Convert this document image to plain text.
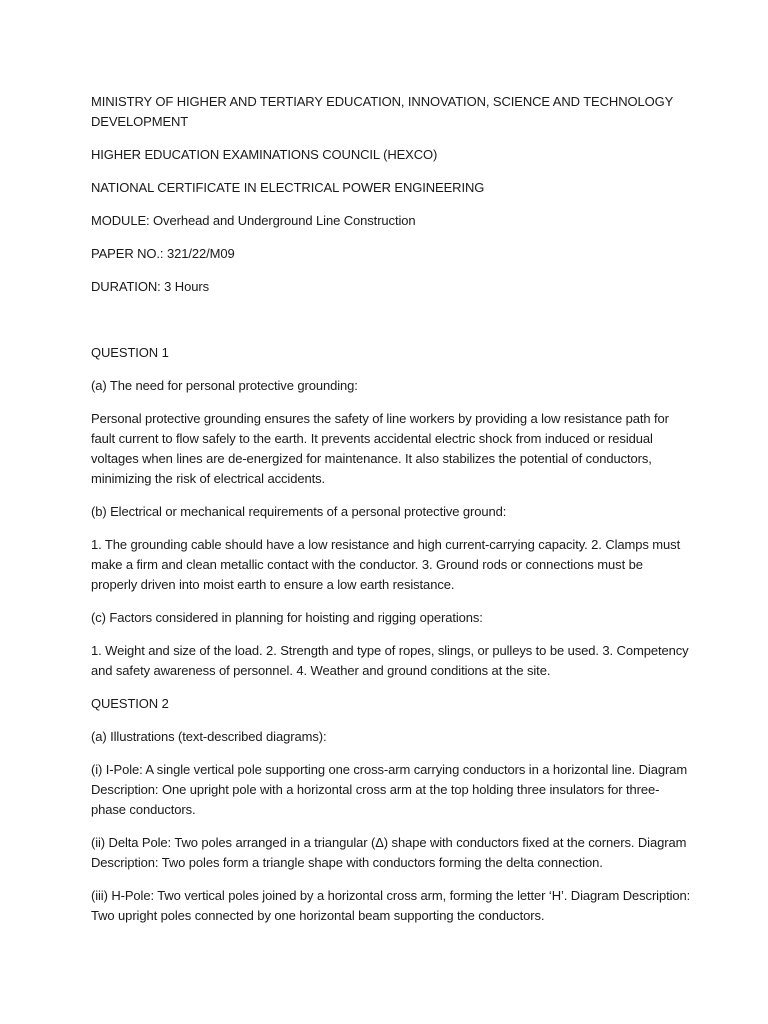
MINISTRY OF HIGHER AND TERTIARY EDUCATION, INNOVATION, SCIENCE AND TECHNOLOGY DEVELOPMENT

HIGHER EDUCATION EXAMINATIONS COUNCIL (HEXCO)

NATIONAL CERTIFICATE IN ELECTRICAL POWER ENGINEERING

MODULE: Overhead and Underground Line Construction

PAPER NO.: 321/22/M09

DURATION: 3 Hours

QUESTION 1

(a) The need for personal protective grounding:

Personal protective grounding ensures the safety of line workers by providing a low resistance path for fault current to flow safely to the earth. It prevents accidental electric shock from induced or residual voltages when lines are de-energized for maintenance. It also stabilizes the potential of conductors, minimizing the risk of electrical accidents.

(b) Electrical or mechanical requirements of a personal protective ground:

1. The grounding cable should have a low resistance and high current-carrying capacity. 2. Clamps must make a firm and clean metallic contact with the conductor. 3. Ground rods or connections must be properly driven into moist earth to ensure a low earth resistance.

(c) Factors considered in planning for hoisting and rigging operations:

1. Weight and size of the load. 2. Strength and type of ropes, slings, or pulleys to be used. 3. Competency and safety awareness of personnel. 4. Weather and ground conditions at the site.

QUESTION 2

(a) Illustrations (text-described diagrams):

(i) I-Pole: A single vertical pole supporting one cross-arm carrying conductors in a horizontal line. Diagram Description: One upright pole with a horizontal cross arm at the top holding three insulators for three-phase conductors.

(ii) Delta Pole: Two poles arranged in a triangular (Δ) shape with conductors fixed at the corners. Diagram Description: Two poles form a triangle shape with conductors forming the delta connection.

(iii) H-Pole: Two vertical poles joined by a horizontal cross arm, forming the letter ‘H’. Diagram Description: Two upright poles connected by one horizontal beam supporting the conductors.
